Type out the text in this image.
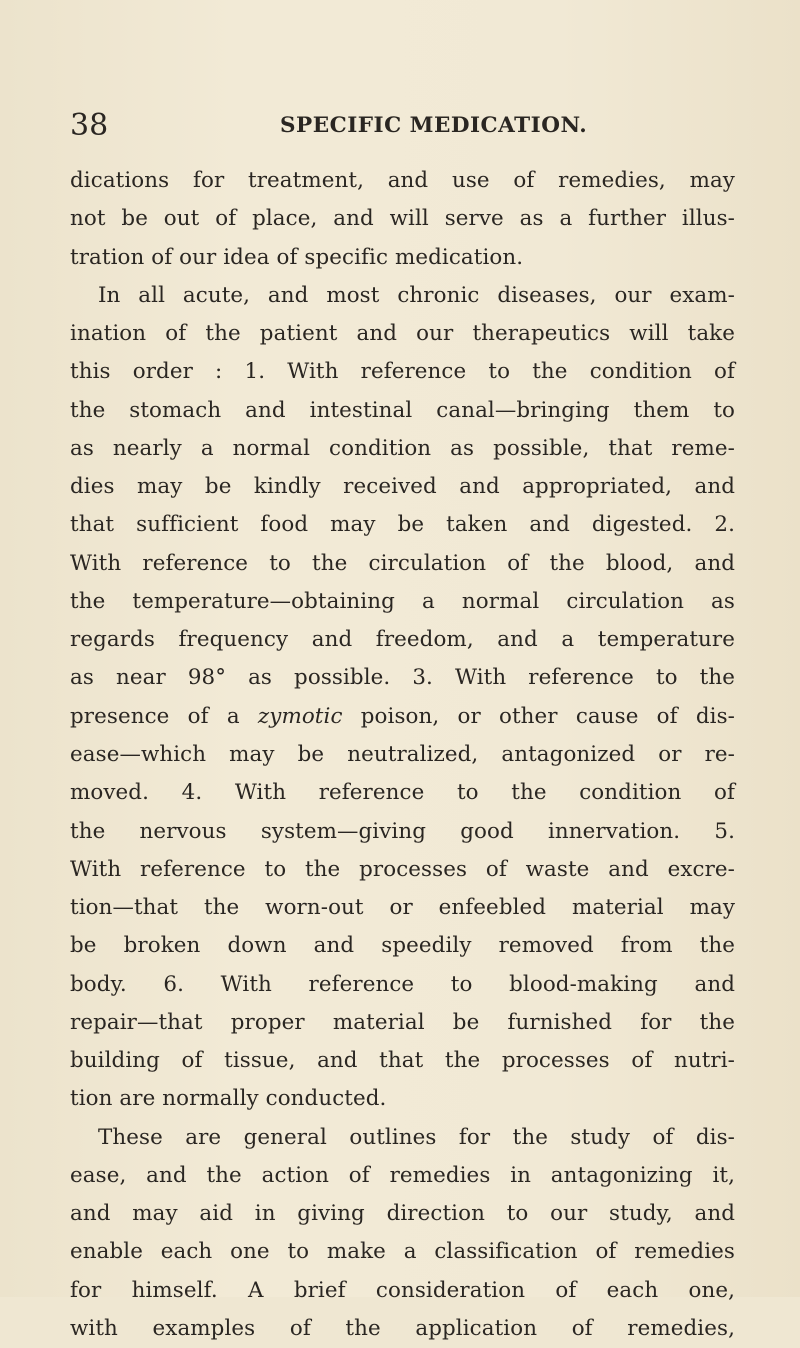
38	SPECIFIC MEDICATION.
dications for treatment, and use of remedies, may
not be out of place, and will serve as a further illus-
tration of our idea of specific medication.
In all acute, and most chronic diseases, our exam-
ination of the patient and our therapeutics will take
this order : 1. With reference to the condition of
the stomach and intestinal canal—bringing them to
as nearly a normal condition as possible, that reme-
dies may be kindly received and appropriated, and
that sufficient food may be taken and digested. 2.
With reference to the circulation of the blood, and
the temperature—obtaining a normal circulation as
regards frequency and freedom, and a temperature
as near 98° as possible. 3. With reference to the
presence of a zymotic poison, or other cause of dis-
ease—which may be neutralized, antagonized or re-
moved. 4. With reference to the condition of
the nervous system—giving good innervation. 5.
With reference to the processes of waste and excre-
tion—that the worn-out or enfeebled material may
be broken down and speedily removed from the
body. 6. With reference to blood-making and
repair—that proper material be furnished for the
building of tissue, and that the processes of nutri-
tion are normally conducted.
These are general outlines for the study of dis-
ease, and the action of remedies in antagonizing it,
and may aid in giving direction to our study, and
enable each one to make a classification of remedies
for himself. A brief consideration of each one,
with examples of the application of remedies,
